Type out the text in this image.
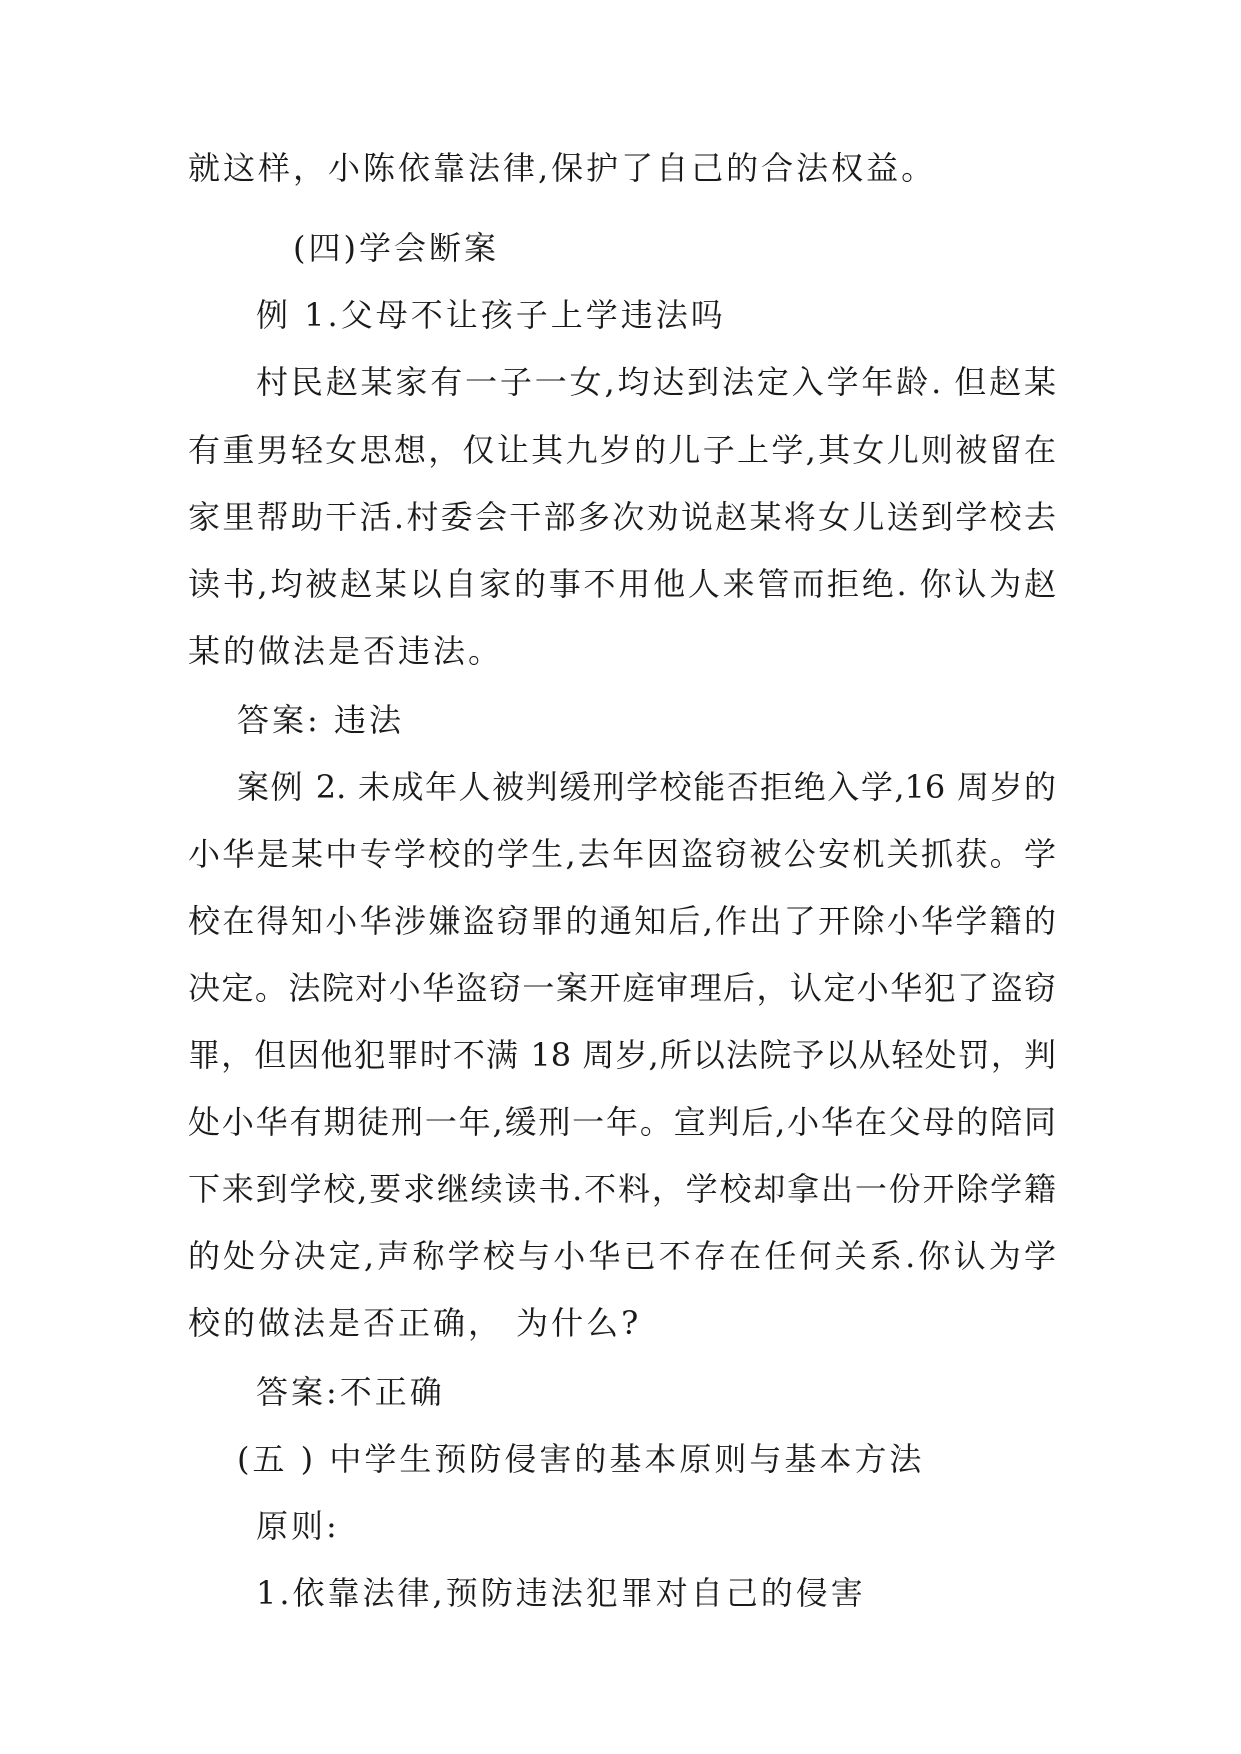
就这样，小陈依靠法律,保护了自己的合法权益。
(四)学会断案
例 1.父母不让孩子上学违法吗
村民赵某家有一子一女,均达到法定入学年龄. 但赵某
有重男轻女思想，仅让其九岁的儿子上学,其女儿则被留在
家里帮助干活.村委会干部多次劝说赵某将女儿送到学校去
读书,均被赵某以自家的事不用他人来管而拒绝. 你认为赵
某的做法是否违法。
答案: 违法
案例 2. 未成年人被判缓刑学校能否拒绝入学,16 周岁的
小华是某中专学校的学生,去年因盗窃被公安机关抓获。学
校在得知小华涉嫌盗窃罪的通知后,作出了开除小华学籍的
决定。法院对小华盗窃一案开庭审理后，认定小华犯了盗窃
罪，但因他犯罪时不满 18 周岁,所以法院予以从轻处罚，判
处小华有期徒刑一年,缓刑一年。宣判后,小华在父母的陪同
下来到学校,要求继续读书.不料，学校却拿出一份开除学籍
的处分决定,声称学校与小华已不存在任何关系.你认为学
校的做法是否正确， 为什么?
答案:不正确
(五 ) 中学生预防侵害的基本原则与基本方法
原则:
1.依靠法律,预防违法犯罪对自己的侵害
